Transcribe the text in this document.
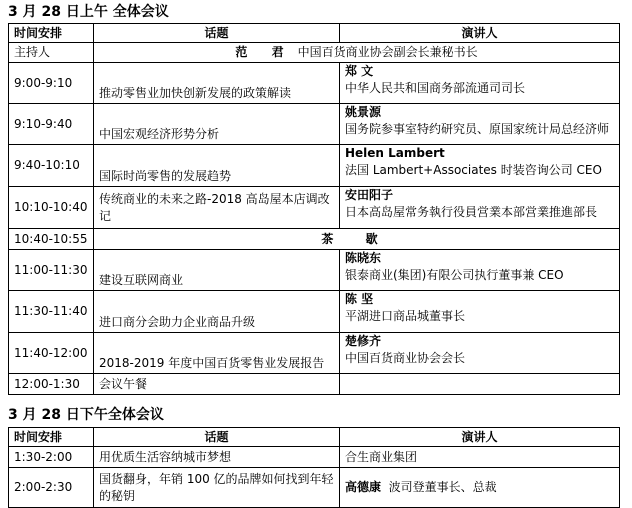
3 月 28 日上午 全体会议
时间安排	话题	演讲人
主持人	范 君 中国百货商业协会副会长兼秘书长	
9:00-9:10	推动零售业加快创新发展的政策解读	郑 文
中华人民共和国商务部流通司司长

9:10-9:40	中国宏观经济形势分析	姚景源
国务院参事室特约研究员、原国家统计局总经济师

9:40-10:10	国际时尚零售的发展趋势	Helen Lambert
法国 Lambert+Associates 时装咨询公司 CEO

10:10-10:40	传统商业的未来之路-2018 高岛屋本店调改记	安田阳子
日本高岛屋常务執行役員営業本部営業推進部長

10:40-10:55	茶 歇	
11:00-11:30	建设互联网商业	陈晓东
银泰商业(集团)有限公司执行董事兼 CEO

11:30-11:40	进口商分会助力企业商品升级	陈 坚
平湖进口商品城董事长

11:40-12:00	2018-2019 年度中国百货零售业发展报告	楚修齐
中国百货商业协会会长

12:00-1:30	会议午餐	
3 月 28 日下午全体会议
时间安排	话题	演讲人
1:30-2:00	用优质生活容纳城市梦想	合生商业集团
2:00-2:30	国货翻身，年销 100 亿的品牌如何找到年轻的秘钥	高德康 波司登董事长、总裁
